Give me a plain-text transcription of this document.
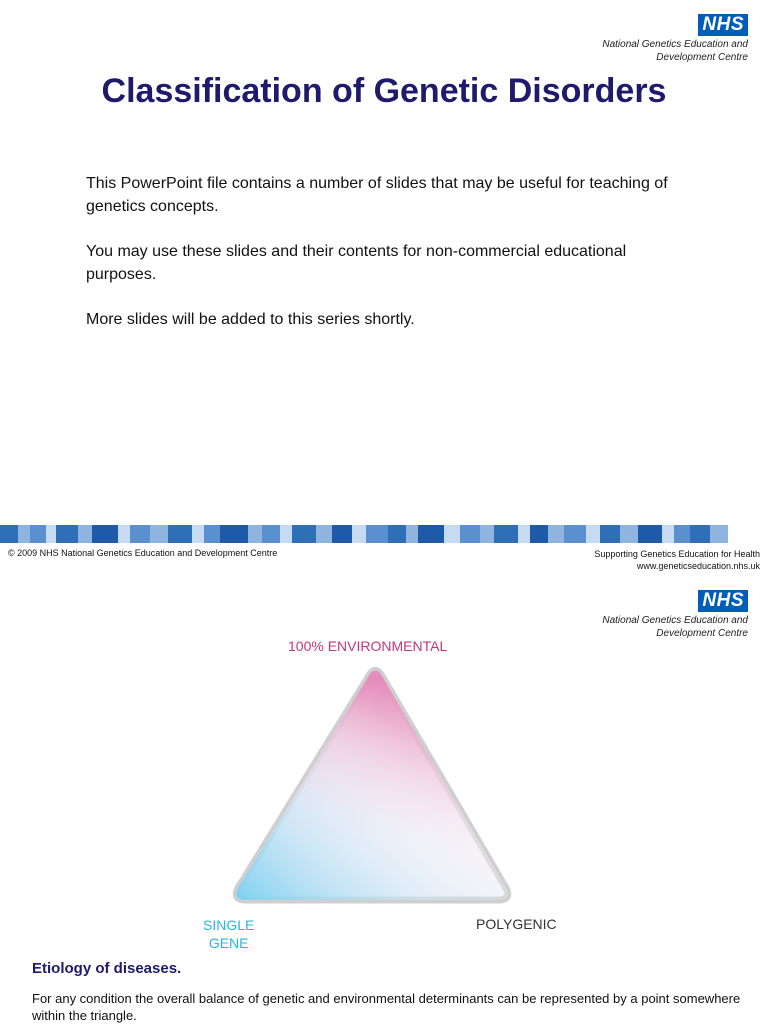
NHS
National Genetics Education and
Development Centre
Classification of Genetic Disorders

This PowerPoint file contains a number of slides that may be useful for teaching of genetics concepts.

You may use these slides and their contents for non-commercial educational purposes.

More slides will be added to this series shortly.

© 2009 NHS National Genetics Education and Development Centre	Supporting Genetics Education for Health
www.geneticseducation.nhs.uk
NHS
National Genetics Education and
Development Centre
100% ENVIRONMENTAL
SINGLE
GENE
POLYGENIC
Etiology of diseases.
For any condition the overall balance of genetic and environmental determinants can be represented by a point somewhere within the triangle.
